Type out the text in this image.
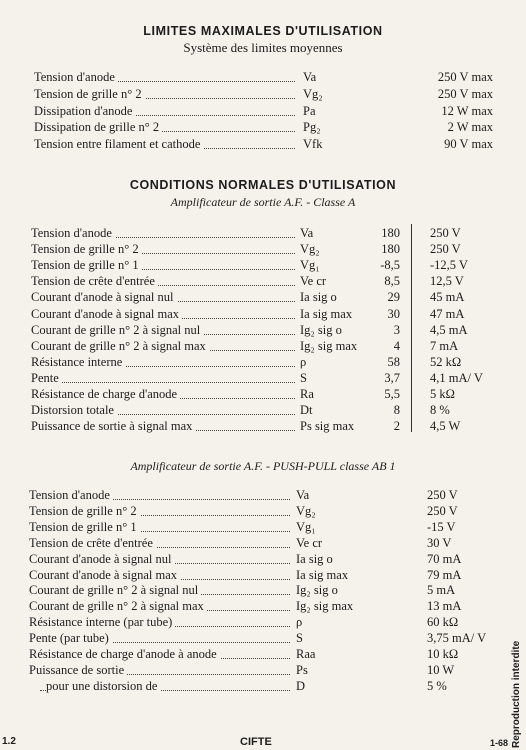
LIMITES MAXIMALES D'UTILISATION
Système des limites moyennes
Tension d'anode	Va	250 V max
Tension de grille n° 2	Vg₂	250 V max
Dissipation d'anode	Pa	12 W max
Dissipation de grille n° 2	Pg₂	2 W max
Tension entre filament et cathode	Vfk	90 V max
CONDITIONS NORMALES D'UTILISATION
Amplificateur de sortie A.F. - Classe A
Tension d'anode	Va	180 250 V
Tension de grille n° 2	Vg₂	180 250 V
Tension de grille n° 1	Vg₁	-8,5 -12,5 V
Tension de crête d'entrée	Ve cr	8,5 12,5 V
Courant d'anode à signal nul	Ia sig o	29 45 mA
Courant d'anode à signal max	Ia sig max	30 47 mA
Courant de grille n° 2 à signal nul	Ig₂ sig o	3 4,5 mA
Courant de grille n° 2 à signal max	Ig₂ sig max	4 7 mA
Résistance interne	ρ	58 52 kΩ
Pente	S	3,7 4,1 mA/ V
Résistance de charge d'anode	Ra	5,5 5 kΩ
Distorsion totale	Dt	8 8 %
Puissance de sortie à signal max	Ps sig max	2 4,5 W
Amplificateur de sortie A.F. - PUSH-PULL classe AB 1
Tension d'anode	Va	250 V
Tension de grille n° 2	Vg₂	250 V
Tension de grille n° 1	Vg₁	-15 V
Tension de crête d'entrée	Ve cr	30 V
Courant d'anode à signal nul	Ia sig o	70 mA
Courant d'anode à signal max	Ia sig max	79 mA
Courant de grille n° 2 à signal nul	Ig₂ sig o	5 mA
Courant de grille n° 2 à signal max	Ig₂ sig max	13 mA
Résistance interne (par tube)	ρ	60 kΩ
Pente (par tube)	S	3,75 mA/ V
Résistance de charge d'anode à anode	Raa	10 kΩ
Puissance de sortie	Ps	10 W
pour une distorsion de	D	5 %
1.2	CIFTE	1-68 Reproduction interdite
